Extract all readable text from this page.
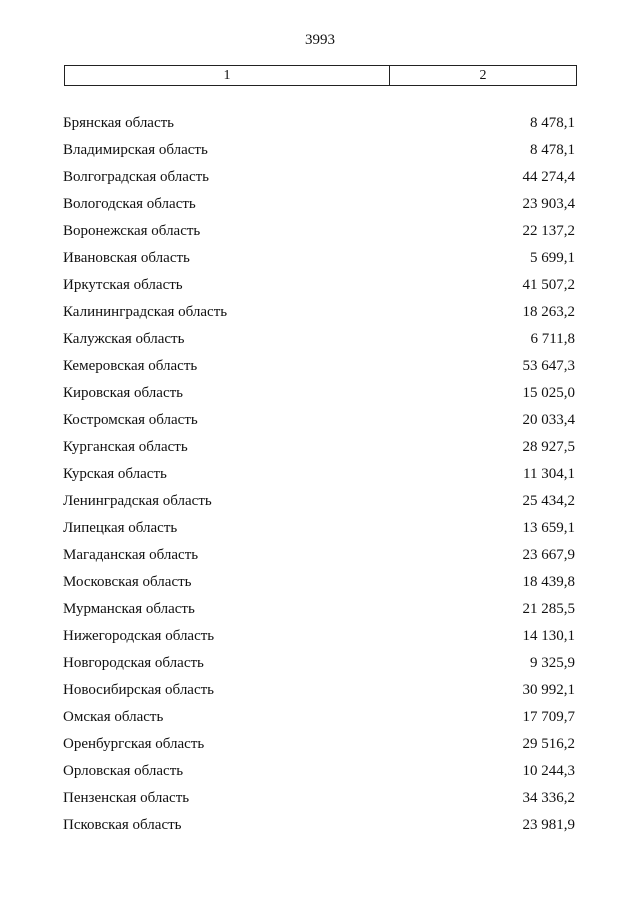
3993
1	2
Брянская область	8 478,1
Владимирская область	8 478,1
Волгоградская область	44 274,4
Вологодская область	23 903,4
Воронежская область	22 137,2
Ивановская область	5 699,1
Иркутская область	41 507,2
Калининградская область	18 263,2
Калужская область	6 711,8
Кемеровская область	53 647,3
Кировская область	15 025,0
Костромская область	20 033,4
Курганская область	28 927,5
Курская область	11 304,1
Ленинградская область	25 434,2
Липецкая область	13 659,1
Магаданская область	23 667,9
Московская область	18 439,8
Мурманская область	21 285,5
Нижегородская область	14 130,1
Новгородская область	9 325,9
Новосибирская область	30 992,1
Омская область	17 709,7
Оренбургская область	29 516,2
Орловская область	10 244,3
Пензенская область	34 336,2
Псковская область	23 981,9
